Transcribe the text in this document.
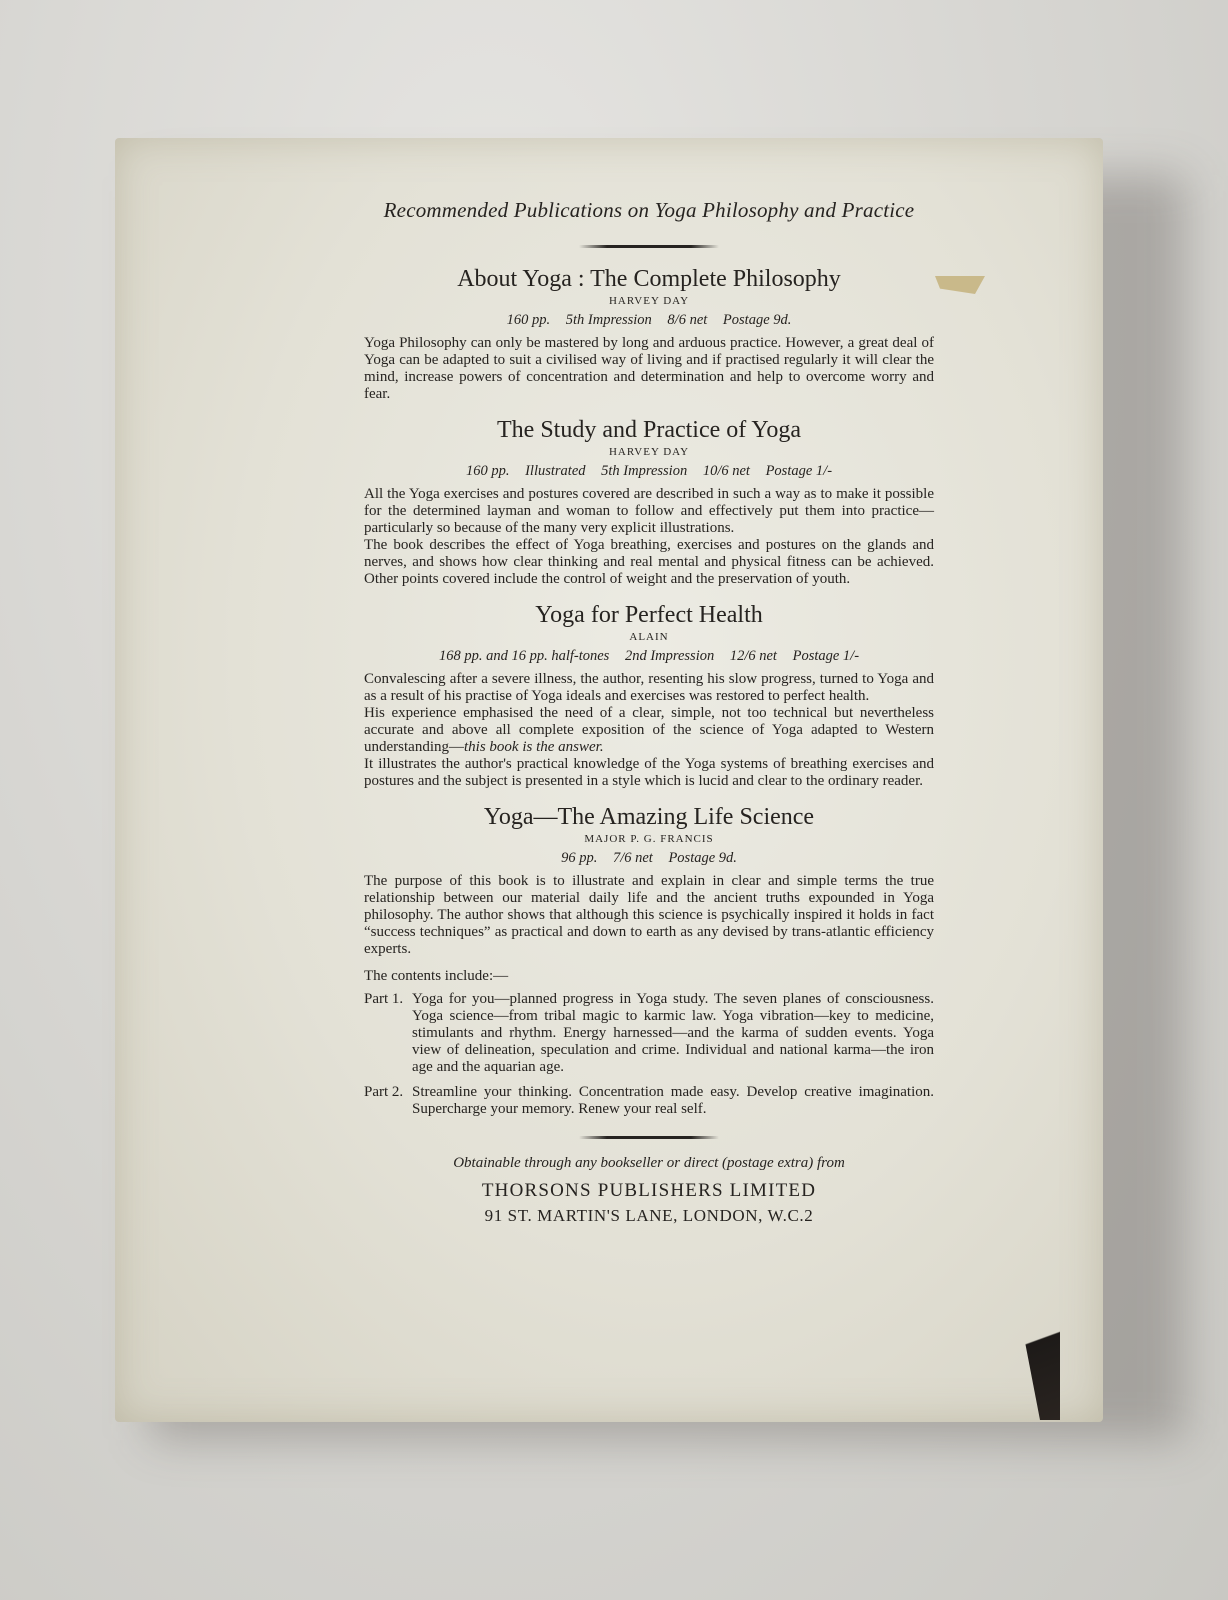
Recommended Publications on Yoga Philosophy and Practice
About Yoga : The Complete Philosophy
HARVEY DAY
160 pp. 5th Impression 8/6 net Postage 9d.

Yoga Philosophy can only be mastered by long and arduous practice. However, a great deal of Yoga can be adapted to suit a civilised way of living and if practised regularly it will clear the mind, increase powers of concentration and determination and help to overcome worry and fear.

The Study and Practice of Yoga
HARVEY DAY
160 pp. Illustrated 5th Impression 10/6 net Postage 1/-

All the Yoga exercises and postures covered are described in such a way as to make it possible for the determined layman and woman to follow and effectively put them into practice—particularly so because of the many very explicit illustrations.

The book describes the effect of Yoga breathing, exercises and postures on the glands and nerves, and shows how clear thinking and real mental and physical fitness can be achieved. Other points covered include the control of weight and the preservation of youth.

Yoga for Perfect Health
ALAIN
168 pp. and 16 pp. half-tones 2nd Impression 12/6 net Postage 1/-

Convalescing after a severe illness, the author, resenting his slow progress, turned to Yoga and as a result of his practise of Yoga ideals and exercises was restored to perfect health.

His experience emphasised the need of a clear, simple, not too technical but nevertheless accurate and above all complete exposition of the science of Yoga adapted to Western understanding—this book is the answer.

It illustrates the author's practical knowledge of the Yoga systems of breathing exercises and postures and the subject is presented in a style which is lucid and clear to the ordinary reader.

Yoga—The Amazing Life Science
MAJOR P. G. FRANCIS
96 pp. 7/6 net Postage 9d.

The purpose of this book is to illustrate and explain in clear and simple terms the true relationship between our material daily life and the ancient truths expounded in Yoga philosophy. The author shows that although this science is psychically inspired it holds in fact “success techniques” as practical and down to earth as any devised by trans-atlantic efficiency experts.

The contents include:—
Part 1. Yoga for you—planned progress in Yoga study. The seven planes of consciousness. Yoga science—from tribal magic to karmic law. Yoga vibration—key to medicine, stimulants and rhythm. Energy harnessed—and the karma of sudden events. Yoga view of delineation, speculation and crime. Individual and national karma—the iron age and the aquarian age.
Part 2. Streamline your thinking. Concentration made easy. Develop creative imagination. Supercharge your memory. Renew your real self.
Obtainable through any bookseller or direct (postage extra) from
THORSONS PUBLISHERS LIMITED
91 ST. MARTIN'S LANE, LONDON, W.C.2
